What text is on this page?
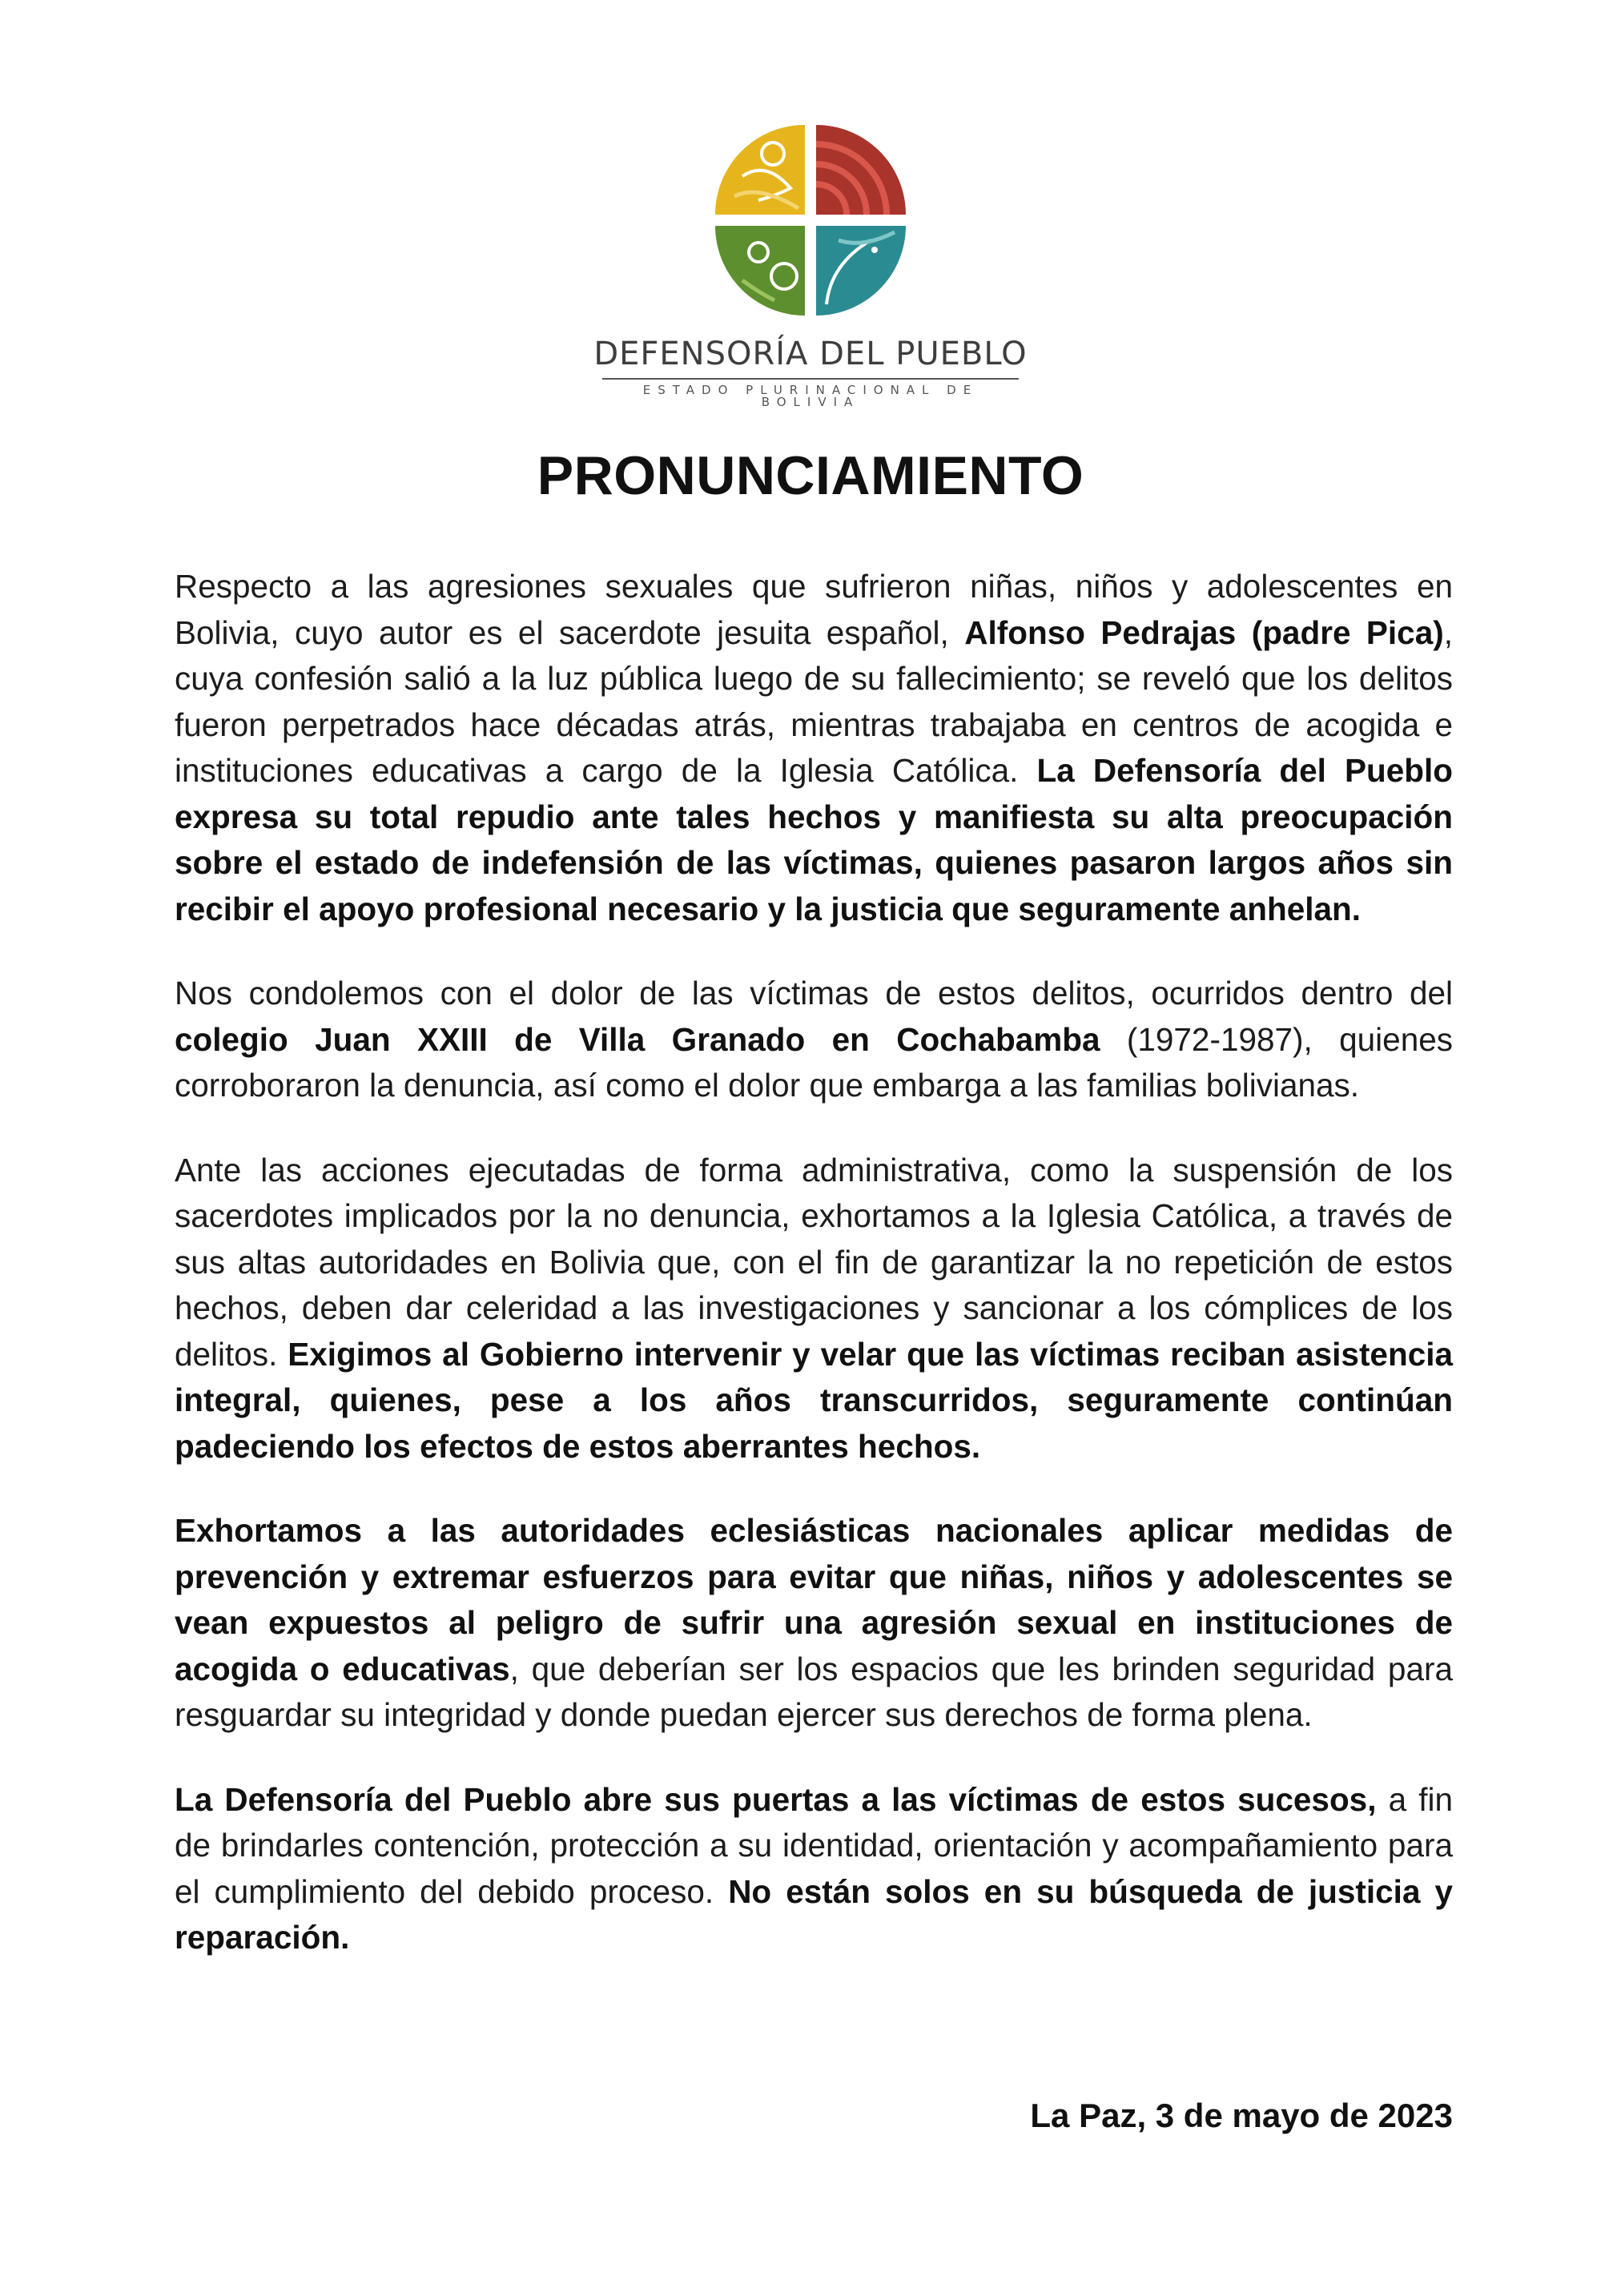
DEFENSORÍA DEL PUEBLO
ESTADO PLURINACIONAL DE BOLIVIA
PRONUNCIAMIENTO

Respecto a las agresiones sexuales que sufrieron niñas, niños y adolescentes en Bolivia, cuyo autor es el sacerdote jesuita español, Alfonso Pedrajas (padre Pica), cuya confesión salió a la luz pública luego de su fallecimiento; se reveló que los delitos fueron perpetrados hace décadas atrás, mientras trabajaba en centros de acogida e instituciones educativas a cargo de la Iglesia Católica. La Defensoría del Pueblo expresa su total repudio ante tales hechos y manifiesta su alta preocupación sobre el estado de indefensión de las víctimas, quienes pasaron largos años sin recibir el apoyo profesional necesario y la justicia que seguramente anhelan.

Nos condolemos con el dolor de las víctimas de estos delitos, ocurridos dentro del colegio Juan XXIII de Villa Granado en Cochabamba (1972-1987), quienes corroboraron la denuncia, así como el dolor que embarga a las familias bolivianas.

Ante las acciones ejecutadas de forma administrativa, como la suspensión de los sacerdotes implicados por la no denuncia, exhortamos a la Iglesia Católica, a través de sus altas autoridades en Bolivia que, con el fin de garantizar la no repetición de estos hechos, deben dar celeridad a las investigaciones y sancionar a los cómplices de los delitos. Exigimos al Gobierno intervenir y velar que las víctimas reciban asistencia integral, quienes, pese a los años transcurridos, seguramente continúan padeciendo los efectos de estos aberrantes hechos.

Exhortamos a las autoridades eclesiásticas nacionales aplicar medidas de prevención y extremar esfuerzos para evitar que niñas, niños y adolescentes se vean expuestos al peligro de sufrir una agresión sexual en instituciones de acogida o educativas, que deberían ser los espacios que les brinden seguridad para resguardar su integridad y donde puedan ejercer sus derechos de forma plena.

La Defensoría del Pueblo abre sus puertas a las víctimas de estos sucesos, a fin de brindarles contención, protección a su identidad, orientación y acompañamiento para el cumplimiento del debido proceso. No están solos en su búsqueda de justicia y reparación.

La Paz, 3 de mayo de 2023
